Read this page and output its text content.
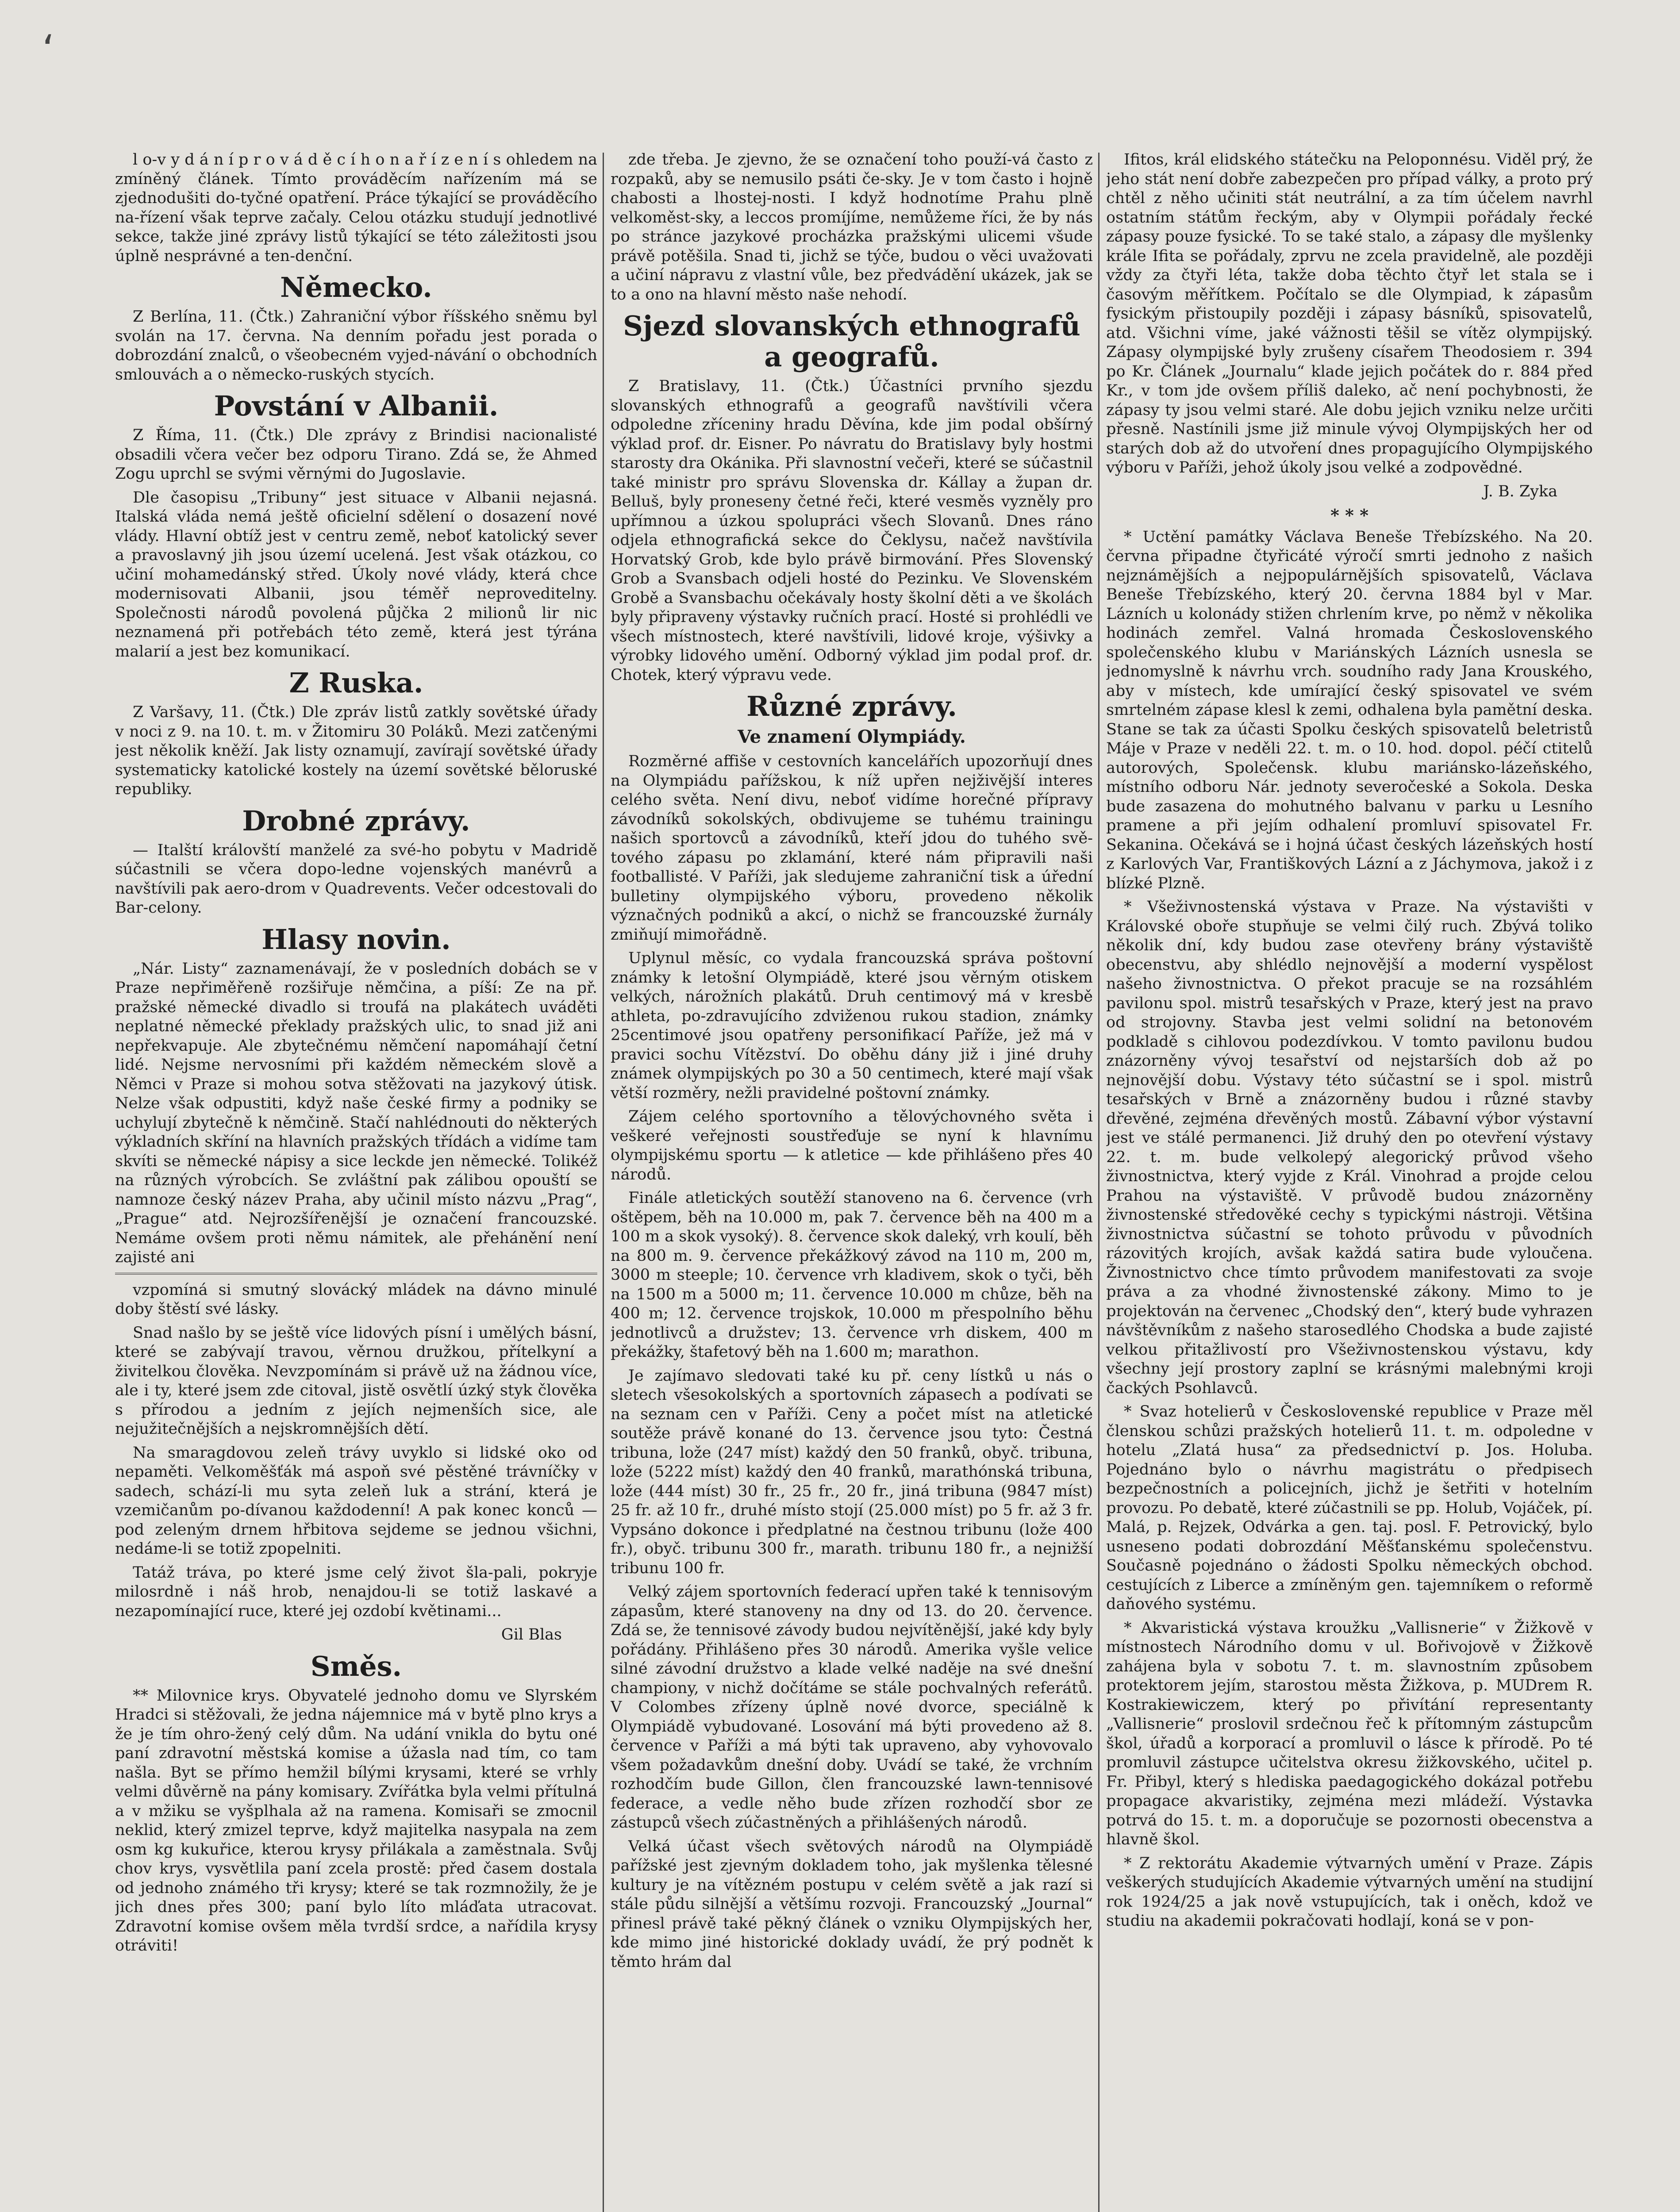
‘

l o-v y d á n í p r o v á d ě c í h o n a ř í z e n í s ohledem na zmíněný článek. Tímto prováděcím nařízením má se zjednodušiti do-tyčné opatření. Práce týkající se prováděcího na-řízení však teprve začaly. Celou otázku studují jednotlivé sekce, takže jiné zprávy listů týkající se této záležitosti jsou úplně nesprávné a ten-denční.

Německo.

Z Berlína, 11. (Čtk.) Zahraniční výbor říšského sněmu byl svolán na 17. června. Na denním pořadu jest porada o dobrozdání znalců, o všeobecném vyjed-návání o obchodních smlouvách a o německo-ruských stycích.

Povstání v Albanii.

Z Říma, 11. (Čtk.) Dle zprávy z Brindisi nacionalisté obsadili včera večer bez odporu Tirano. Zdá se, že Ahmed Zogu uprchl se svými věrnými do Jugoslavie.

Dle časopisu „Tribuny“ jest situace v Albanii nejasná. Italská vláda nemá ještě oficielní sdělení o dosazení nové vlády. Hlavní obtíž jest v centru země, neboť katolický sever a pravoslavný jih jsou území ucelená. Jest však otázkou, co učiní mohamedánský střed. Úkoly nové vlády, která chce modernisovati Albanii, jsou téměř neproveditelny. Společnosti národů povolená půjčka 2 milionů lir nic neznamená při potřebách této země, která jest týrána malarií a jest bez komunikací.

Z Ruska.

Z Varšavy, 11. (Čtk.) Dle zpráv listů zatkly sovětské úřady v noci z 9. na 10. t. m. v Žitomiru 30 Poláků. Mezi zatčenými jest několik kněží. Jak listy oznamují, zavírají sovětské úřady systematicky katolické kostely na území sovětské běloruské republiky.

Drobné zprávy.

— Italští královští manželé za své-ho pobytu v Madridě súčastnili se včera dopo-ledne vojenských manévrů a navštívili pak aero-drom v Quadrevents. Večer odcestovali do Bar-celony.

Hlasy novin.

„Nár. Listy“ zaznamenávají, že v posledních dobách se v Praze nepřiměřeně rozšiřuje němčina, a píší: Ze na př. pražské německé divadlo si troufá na plakátech uváděti neplatné německé překlady pražských ulic, to snad již ani nepřekvapuje. Ale zbytečnému němčení napomáhají četní lidé. Nejsme nervosními při každém německém slově a Němci v Praze si mohou sotva stěžovati na jazykový útisk. Nelze však odpustiti, když naše české firmy a podniky se uchylují zbytečně k němčině. Stačí nahlédnouti do některých výkladních skříní na hlavních pražských třídách a vidíme tam skvíti se německé nápisy a sice leckde jen německé. Tolikéž na různých výrobcích. Se zvláštní pak zálibou opouští se namnoze český název Praha, aby učinil místo názvu „Prag“, „Prague“ atd. Nejrozšířenější je označení francouzské. Nemáme ovšem proti němu námitek, ale přehánění není zajisté ani

vzpomíná si smutný slovácký mládek na dávno minulé doby štěstí své lásky.

Snad našlo by se ještě více lidových písní i umělých básní, které se zabývají travou, věrnou družkou, přítelkyní a živitelkou člověka. Nevzpomínám si právě už na žádnou více, ale i ty, které jsem zde citoval, jistě osvětlí úzký styk člověka s přírodou a jedním z jejích nejmenších sice, ale nejužitečnějších a nejskromnějších dětí.

Na smaragdovou zeleň trávy uvyklo si lidské oko od nepaměti. Velkoměšťák má aspoň své pěstěné trávníčky v sadech, schází-li mu syta zeleň luk a strání, která je vzemičanům po-dívanou každodenní! A pak konec konců — pod zeleným drnem hřbitova sejdeme se jednou všichni, nedáme-li se totiž zpopelniti.

Tatáž tráva, po které jsme celý život šla-pali, pokryje milosrdně i náš hrob, nenajdou-li se totiž laskavé a nezapomínající ruce, které jej ozdobí květinami...

Gil Blas

Směs.

** Milovnice krys. Obyvatelé jednoho domu ve Slyrském Hradci si stěžovali, že jedna nájemnice má v bytě plno krys a že je tím ohro-žený celý dům. Na udání vnikla do bytu oné paní zdravotní městská komise a úžasla nad tím, co tam našla. Byt se přímo hemžil bílými krysami, které se vrhly velmi důvěrně na pány komisary. Zvířátka byla velmi přítulná a v mžiku se vyšplhala až na ramena. Komisaři se zmocnil neklid, který zmizel teprve, když majitelka nasypala na zem osm kg kukuřice, kterou krysy přilákala a zaměstnala. Svůj chov krys, vysvětlila paní zcela prostě: před časem dostala od jednoho známého tři krysy; které se tak rozmnožily, že je jich dnes přes 300; paní bylo líto mláďata utracovat. Zdravotní komise ovšem měla tvrdší srdce, a nařídila krysy otráviti!

zde třeba. Je zjevno, že se označení toho použí-vá často z rozpaků, aby se nemusilo psáti če-sky. Je v tom často i hojně chabosti a lhostej-nosti. I když hodnotíme Prahu plně velkoměst-sky, a leccos promíjíme, nemůžeme říci, že by nás po stránce jazykové procházka pražskými ulicemi všude právě potěšila. Snad ti, jichž se týče, budou o věci uvažovati a učiní nápravu z vlastní vůle, bez předvádění ukázek, jak se to a ono na hlavní město naše nehodí.

Sjezd slovanských ethnografů a geografů.

Z Bratislavy, 11. (Čtk.) Účastníci prvního sjezdu slovanských ethnografů a geografů navštívili včera odpoledne zříceniny hradu Děvína, kde jim podal obšírný výklad prof. dr. Eisner. Po návratu do Bratislavy byly hostmi starosty dra Okánika. Při slavnostní večeři, které se súčastnil také ministr pro správu Slovenska dr. Kállay a župan dr. Belluš, byly proneseny četné řeči, které vesměs vyzněly pro upřímnou a úzkou spolupráci všech Slovanů. Dnes ráno odjela ethnografická sekce do Čeklysu, načež navštívila Horvatský Grob, kde bylo právě birmování. Přes Slovenský Grob a Svansbach odjeli hosté do Pezinku. Ve Slovenském Grobě a Svansbachu očekávaly hosty školní děti a ve školách byly připraveny výstavky ručních prací. Hosté si prohlédli ve všech místnostech, které navštívili, lidové kroje, výšivky a výrobky lidového umění. Odborný výklad jim podal prof. dr. Chotek, který výpravu vede.

Různé zprávy.
Ve znamení Olympiády.

Rozměrné affiše v cestovních kancelářích upozorňují dnes na Olympiádu pařížskou, k níž upřen nejživější interes celého světa. Není divu, neboť vidíme horečné přípravy závodníků sokolských, obdivujeme se tuhému trainingu našich sportovců a závodníků, kteří jdou do tuhého svě-tového zápasu po zklamání, které nám připravili naši footballisté. V Paříži, jak sledujeme zahraniční tisk a úřední bulletiny olympijského výboru, provedeno několik význačných podniků a akcí, o nichž se francouzské žurnály zmiňují mimořádně.

Uplynul měsíc, co vydala francouzská správa poštovní známky k letošní Olympiádě, které jsou věrným otiskem velkých, nárožních plakátů. Druh centimový má v kresbě athleta, po-zdravujícího zdviženou rukou stadion, známky 25centimové jsou opatřeny personifikací Paříže, jež má v pravici sochu Vítězství. Do oběhu dány již i jiné druhy známek olympijských po 30 a 50 centimech, které mají však větší rozměry, nežli pravidelné poštovní známky.

Zájem celého sportovního a tělovýchovného světa i veškeré veřejnosti soustřeďuje se nyní k hlavnímu olympijskému sportu — k atletice — kde přihlášeno přes 40 národů.

Finále atletických soutěží stanoveno na 6. července (vrh oštěpem, běh na 10.000 m, pak 7. července běh na 400 m a 100 m a skok vysoký). 8. července skok daleký, vrh koulí, běh na 800 m. 9. července překážkový závod na 110 m, 200 m, 3000 m steeple; 10. července vrh kladivem, skok o tyči, běh na 1500 m a 5000 m; 11. července 10.000 m chůze, běh na 400 m; 12. července trojskok, 10.000 m přespolního běhu jednotlivců a družstev; 13. července vrh diskem, 400 m překážky, štafetový běh na 1.600 m; marathon.

Je zajímavo sledovati také ku př. ceny lístků u nás o sletech všesokolských a sportovních zápasech a podívati se na seznam cen v Paříži. Ceny a počet míst na atletické soutěže právě konané do 13. července jsou tyto: Čestná tribuna, lože (247 míst) každý den 50 franků, obyč. tribuna, lože (5222 míst) každý den 40 franků, marathónská tribuna, lože (444 míst) 30 fr., 25 fr., 20 fr., jiná tribuna (9847 míst) 25 fr. až 10 fr., druhé místo stojí (25.000 míst) po 5 fr. až 3 fr. Vypsáno dokonce i předplatné na čestnou tribunu (lože 400 fr.), obyč. tribunu 300 fr., marath. tribunu 180 fr., a nejnižší tribunu 100 fr.

Velký zájem sportovních federací upřen také k tennisovým zápasům, které stanoveny na dny od 13. do 20. července. Zdá se, že tennisové závody budou nejvítěnější, jaké kdy byly pořádány. Přihlášeno přes 30 národů. Amerika vyšle velice silné závodní družstvo a klade velké naděje na své dnešní championy, v nichž dočítáme se stále pochvalných referátů. V Colombes zřízeny úplně nové dvorce, speciálně k Olympiádě vybudované. Losování má býti provedeno až 8. července v Paříži a má býti tak upraveno, aby vyhovovalo všem požadavkům dnešní doby. Uvádí se také, že vrchním rozhodčím bude Gillon, člen francouzské lawn-tennisové federace, a vedle něho bude zřízen rozhodčí sbor ze zástupců všech zúčastněných a přihlášených národů.

Velká účast všech světových národů na Olympiádě pařížské jest zjevným dokladem toho, jak myšlenka tělesné kultury je na vítězném postupu v celém světě a jak razí si stále půdu silnější a většímu rozvoji. Francouzský „Journal“ přinesl právě také pěkný článek o vzniku Olympijských her, kde mimo jiné historické doklady uvádí, že prý podnět k těmto hrám dal

Ifitos, král elidského státečku na Peloponnésu. Viděl prý, že jeho stát není dobře zabezpečen pro případ války, a proto prý chtěl z něho učiniti stát neutrální, a za tím účelem navrhl ostatním státům řeckým, aby v Olympii pořádaly řecké zápasy pouze fysické. To se také stalo, a zápasy dle myšlenky krále Ifita se pořádaly, zprvu ne zcela pravidelně, ale později vždy za čtyři léta, takže doba těchto čtyř let stala se i časovým měřítkem. Počítalo se dle Olympiad, k zápasům fysickým přistoupily později i zápasy básníků, spisovatelů, atd. Všichni víme, jaké vážnosti těšil se vítěz olympijský. Zápasy olympijské byly zrušeny císařem Theodosiem r. 394 po Kr. Článek „Journalu“ klade jejich počátek do r. 884 před Kr., v tom jde ovšem příliš daleko, ač není pochybnosti, že zápasy ty jsou velmi staré. Ale dobu jejich vzniku nelze určiti přesně. Nastínili jsme již minule vývoj Olympijských her od starých dob až do utvoření dnes propagujícího Olympijského výboru v Paříži, jehož úkoly jsou velké a zodpovědné.

J. B. Zyka

* * *

* Uctění památky Václava Beneše Třebízského. Na 20. června připadne čtyřicáté výročí smrti jednoho z našich nejznámějších a nejpopulárnějších spisovatelů, Václava Beneše Třebízského, který 20. června 1884 byl v Mar. Lázních u kolonády stižen chrlením krve, po němž v několika hodinách zemřel. Valná hromada Československého společenského klubu v Mariánských Lázních usnesla se jednomyslně k návrhu vrch. soudního rady Jana Krouského, aby v místech, kde umírající český spisovatel ve svém smrtelném zápase klesl k zemi, odhalena byla pamětní deska. Stane se tak za účasti Spolku českých spisovatelů beletristů Máje v Praze v neděli 22. t. m. o 10. hod. dopol. péčí ctitelů autorových, Společensk. klubu mariánsko-lázeňského, místního odboru Nár. jednoty severočeské a Sokola. Deska bude zasazena do mohutného balvanu v parku u Lesního pramene a při jejím odhalení promluví spisovatel Fr. Sekanina. Očekává se i hojná účast českých lázeňských hostí z Karlových Var, Františkových Lázní a z Jáchymova, jakož i z blízké Plzně.

* Všeživnostenská výstava v Praze. Na výstavišti v Královské oboře stupňuje se velmi čilý ruch. Zbývá toliko několik dní, kdy budou zase otevřeny brány výstaviště obecenstvu, aby shlédlo nejnovější a moderní vyspělost našeho živnostnictva. O překot pracuje se na rozsáhlém pavilonu spol. mistrů tesařských v Praze, který jest na pravo od strojovny. Stavba jest velmi solidní na betonovém podkladě s cihlovou podezdívkou. V tomto pavilonu budou znázorněny vývoj tesařství od nejstarších dob až po nejnovější dobu. Výstavy této súčastní se i spol. mistrů tesařských v Brně a znázorněny budou i různé stavby dřevěné, zejména dřevěných mostů. Zábavní výbor výstavní jest ve stálé permanenci. Již druhý den po otevření výstavy 22. t. m. bude velkolepý alegorický průvod všeho živnostnictva, který vyjde z Král. Vinohrad a projde celou Prahou na výstaviště. V průvodě budou znázorněny živnostenské středověké cechy s typickými nástroji. Většina živnostnictva súčastní se tohoto průvodu v původních rázovitých krojích, avšak každá satira bude vyloučena. Živnostnictvo chce tímto průvodem manifestovati za svoje práva a za vhodné živnostenské zákony. Mimo to je projektován na červenec „Chodský den“, který bude vyhrazen návštěvníkům z našeho starosedlého Chodska a bude zajisté velkou přitažlivostí pro Všeživnostenskou výstavu, kdy všechny její prostory zaplní se krásnými malebnými kroji čackých Psohlavců.

* Svaz hotelierů v Československé republice v Praze měl členskou schůzi pražských hotelierů 11. t. m. odpoledne v hotelu „Zlatá husa“ za předsednictví p. Jos. Holuba. Pojednáno bylo o návrhu magistrátu o předpisech bezpečnostních a policejních, jichž je šetřiti v hotelním provozu. Po debatě, které zúčastnili se pp. Holub, Vojáček, pí. Malá, p. Rejzek, Odvárka a gen. taj. posl. F. Petrovický, bylo usneseno podati dobrozdání Měšťanskému společenstvu. Současně pojednáno o žádosti Spolku německých obchod. cestujících z Liberce a zmíněným gen. tajemníkem o reformě daňového systému.

* Akvaristická výstava kroužku „Vallisnerie“ v Žižkově v místnostech Národního domu v ul. Bořivojově v Žižkově zahájena byla v sobotu 7. t. m. slavnostním způsobem protektorem jejím, starostou města Žižkova, p. MUDrem R. Kostrakiewiczem, který po přivítání representanty „Vallisnerie“ proslovil srdečnou řeč k přítomným zástupcům škol, úřadů a korporací a promluvil o lásce k přírodě. Po té promluvil zástupce učitelstva okresu žižkovského, učitel p. Fr. Přibyl, který s hlediska paedagogického dokázal potřebu propagace akvaristiky, zejména mezi mládeží. Výstavka potrvá do 15. t. m. a doporučuje se pozornosti obecenstva a hlavně škol.

* Z rektorátu Akademie výtvarných umění v Praze. Zápis veškerých studujících Akademie výtvarných umění na studijní rok 1924/25 a jak nově vstupujících, tak i oněch, kdož ve studiu na akademii pokračovati hodlají, koná se v pon-
